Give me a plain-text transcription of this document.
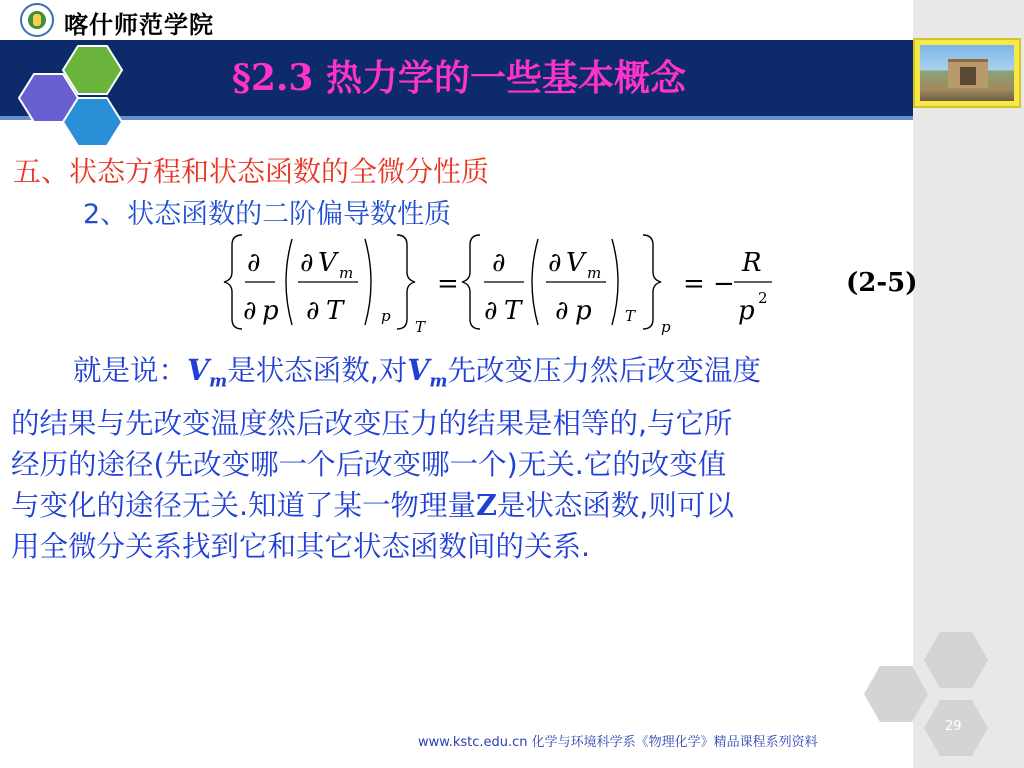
喀什师范学院
§2.3 热力学的一些基本概念
五、状态方程和状态函数的全微分性质
2、状态函数的二阶偏导数性质
∂
∂ p
∂ V m
∂ T	p
T
=
∂
∂ T
∂ V m
∂ p T
p
= −
R
p 2	(2-5)
就是说：$V_m$是状态函数,对$V_m$先改变压力然后改变温度
的结果与先改变温度然后改变压力的结果是相等的,与它所
经历的途径(先改变哪一个后改变哪一个)无关.它的改变值
与变化的途径无关.知道了某一物理量Z是状态函数,则可以
用全微分关系找到它和其它状态函数间的关系.
29
www.kstc.edu.cn 化学与环境科学系《物理化学》精品课程系列资料
